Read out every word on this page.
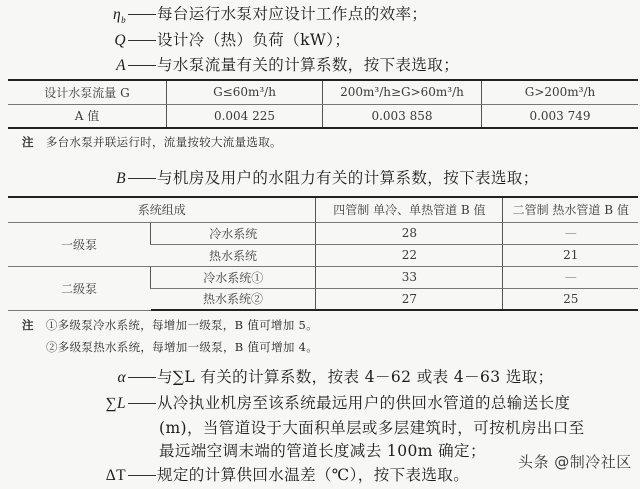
$\eta_b$ 每台运行水泵对应设计工作点的效率；
Q 设计冷（热）负荷（kW）；
A 与水泵流量有关的计算系数，按下表选取；
设计水泵流量 G	G≤60m³/h	200m³/h≥G>60m³/h	G>200m³/h
A 值	0.004 225	0.003 858	0.003 749
注 多台水泵并联运行时，流量按较大流量选取。
B 与机房及用户的水阻力有关的计算系数，按下表选取；
系统组成		四管制 单冷、单热管道 B 值	二管制 热水管道 B 值
一级泵	冷水系统	28	—
	热水系统	22	21
二级泵	冷水系统①	33	—
	热水系统②	27	25
注 ①多级泵冷水系统，每增加一级泵，B 值可增加 5。
②多级泵热水系统，每增加一级泵，B 值可增加 4。
α 与∑L 有关的计算系数，按表 4－62 或表 4－63 选取；
∑L 从冷执业机房至该系统最远用户的供回水管道的总输送长度
(m)，当管道设于大面积单层或多层建筑时，可按机房出口至
最远端空调末端的管道长度减去 100m 确定；
ΔT 规定的计算供回水温差（℃），按下表选取。
头条 @制冷社区
